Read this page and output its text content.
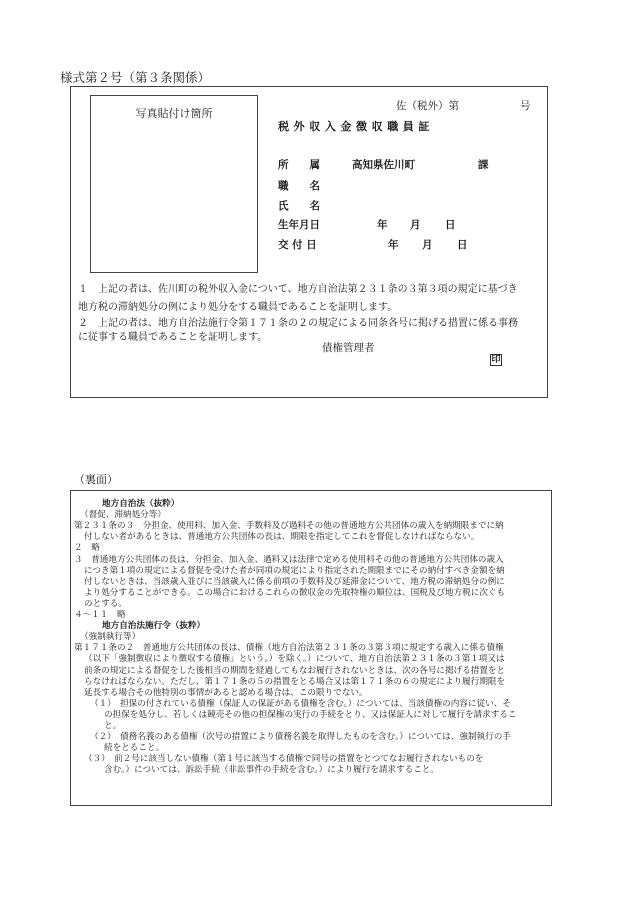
様式第２号（第３条関係）
写真貼付け箇所
佐（税外）第	号
税外収入金徴収職員証
所　　属	高知県佐川町	課
職　　名
氏　　名
生年月日	年 月 日
交 付 日	年 月 日
１　上記の者は、佐川町の税外収入金について、地方自治法第２３１条の３第３項の規定に基づき
地方税の滞納処分の例により処分をする職員であることを証明します。
２　上記の者は、地方自治法施行令第１７１条の２の規定による同条各号に掲げる措置に係る事務
に従事する職員であることを証明します。
債権管理者
印
（裏面）
地方自治法（抜粋）
（督促、滞納処分等）
第２３１条の３　分担金、使用料、加入金、手数料及び過料その他の普通地方公共団体の歳入を納期限までに納
付しない者があるときは、普通地方公共団体の長は、期限を指定してこれを督促しなければならない。
２　略
３　普通地方公共団体の長は、分担金、加入金、過料又は法律で定める使用料その他の普通地方公共団体の歳入
につき第１項の規定による督促を受けた者が同項の規定により指定された期限までにその納付すべき金額を納
付しないときは、当該歳入並びに当該歳入に係る前項の手数料及び延滞金について、地方税の滞納処分の例に
より処分することができる。この場合におけるこれらの徴収金の先取特権の順位は、国税及び地方税に次ぐも
のとする。
４〜１１　略
地方自治法施行令（抜粋）
（強制執行等）
第１７１条の２　普通地方公共団体の長は、債権（地方自治法第２３１条の３第３項に規定する歳入に係る債権
（以下「強制徴収により徴収する債権」という。）を除く。）について、地方自治法第２３１条の３第１項又は
前条の規定による督促をした後相当の期間を経過してもなお履行されないときは、次の各号に掲げる措置をと
らなければならない。ただし、第１７１条の５の措置をとる場合又は第１７１条の６の規定により履行期限を
延長する場合その他特別の事情があると認める場合は、この限りでない。
（１）　担保の付されている債権（保証人の保証がある債権を含む。）については、当該債権の内容に従い、そ
の担保を処分し、若しくは競売その他の担保権の実行の手続をとり、又は保証人に対して履行を請求するこ
と。
（２）　債務名義のある債権（次号の措置により債務名義を取得したものを含む。）については、強制執行の手
続をとること。
（３）　前２号に該当しない債権（第１号に該当する債権で同号の措置をとつてなお履行されないものを
含む。）については、訴訟手続（非訟事件の手続を含む。）により履行を請求すること。
